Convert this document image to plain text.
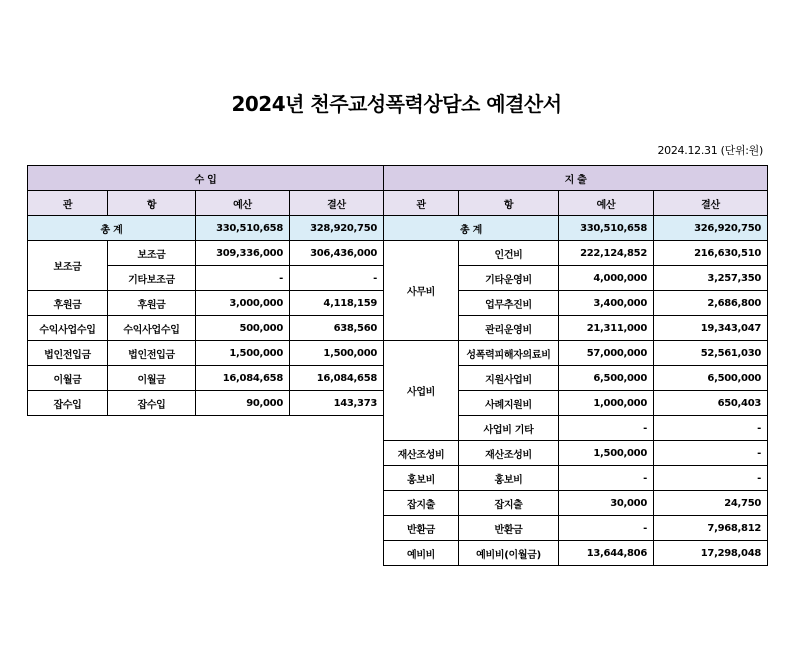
2024년 천주교성폭력상담소 예결산서
2024.12.31 (단위:원)
수 입			
관	항	예산	결산
총 계		330,510,658	328,920,750
보조금	보조금	309,336,000	306,436,000
	기타보조금	-	-
후원금	후원금	3,000,000	4,118,159
수익사업수입	수익사업수입	500,000	638,560
법인전입금	법인전입금	1,500,000	1,500,000
이월금	이월금	16,084,658	16,084,658
잡수입	잡수입	90,000	143,373
지 출			
관	항	예산	결산
총 계		330,510,658	326,920,750
사무비	인건비	222,124,852	216,630,510
	기타운영비	4,000,000	3,257,350
	업무추진비	3,400,000	2,686,800
	관리운영비	21,311,000	19,343,047
사업비	성폭력피해자의료비	57,000,000	52,561,030
	지원사업비	6,500,000	6,500,000
	사례지원비	1,000,000	650,403
	사업비 기타	-	-
재산조성비	재산조성비	1,500,000	-
홍보비	홍보비	-	-
잡지출	잡지출	30,000	24,750
반환금	반환금	-	7,968,812
예비비	예비비(이월금)	13,644,806	17,298,048
